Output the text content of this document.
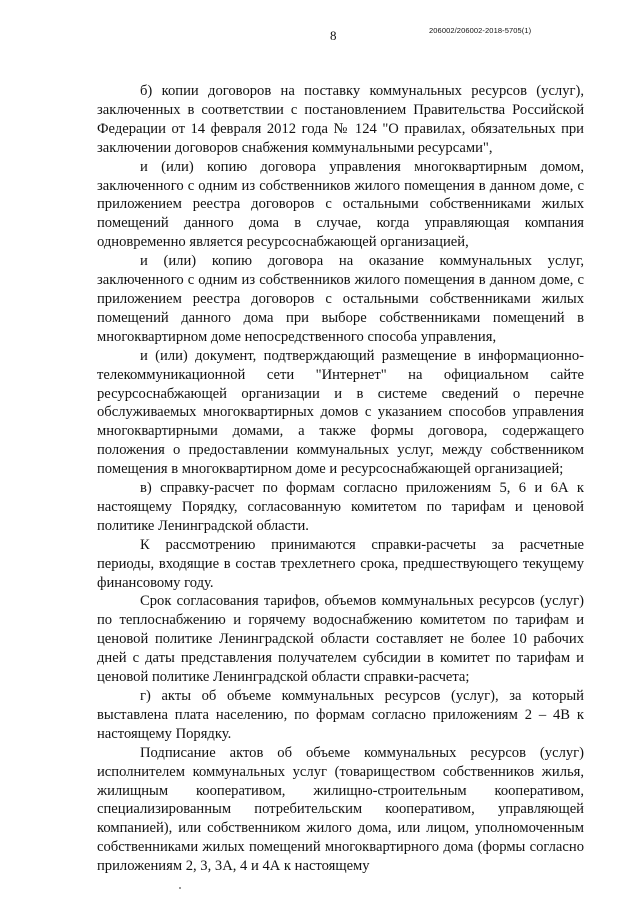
8	206002/206002-2018-5705(1)

б) копии договоров на поставку коммунальных ресурсов (услуг), заключенных в соответствии с постановлением Правительства Российской Федерации от 14 февраля 2012 года № 124 "О правилах, обязательных при заключении договоров снабжения коммунальными ресурсами",

и (или) копию договора управления многоквартирным домом, заключенного с одним из собственников жилого помещения в данном доме, с приложением реестра договоров с остальными собственниками жилых помещений данного дома в случае, когда управляющая компания одновременно является ресурсоснабжающей организацией,

и (или) копию договора на оказание коммунальных услуг, заключенного с одним из собственников жилого помещения в данном доме, с приложением реестра договоров с остальными собственниками жилых помещений данного дома при выборе собственниками помещений в многоквартирном доме непосредственного способа управления,

и (или) документ, подтверждающий размещение в информационно-телекоммуникационной сети "Интернет" на официальном сайте ресурсоснабжающей организации и в системе сведений о перечне обслуживаемых многоквартирных домов с указанием способов управления многоквартирными домами, а также формы договора, содержащего положения о предоставлении коммунальных услуг, между собственником помещения в многоквартирном доме и ресурсоснабжающей организацией;

в) справку-расчет по формам согласно приложениям 5, 6 и 6А к настоящему Порядку, согласованную комитетом по тарифам и ценовой политике Ленинградской области.

К рассмотрению принимаются справки-расчеты за расчетные периоды, входящие в состав трехлетнего срока, предшествующего текущему финансовому году.

Срок согласования тарифов, объемов коммунальных ресурсов (услуг) по теплоснабжению и горячему водоснабжению комитетом по тарифам и ценовой политике Ленинградской области составляет не более 10 рабочих дней с даты представления получателем субсидии в комитет по тарифам и ценовой политике Ленинградской области справки-расчета;

г) акты об объеме коммунальных ресурсов (услуг), за который выставлена плата населению, по формам согласно приложениям 2 – 4В к настоящему Порядку.

Подписание актов об объеме коммунальных ресурсов (услуг) исполнителем коммунальных услуг (товариществом собственников жилья, жилищным кооперативом, жилищно-строительным кооперативом, специализированным потребительским кооперативом, управляющей компанией), или собственником жилого дома, или лицом, уполномоченным собственниками жилых помещений многоквартирного дома (формы согласно приложениям 2, 3, 3А, 4 и 4А к настоящему
